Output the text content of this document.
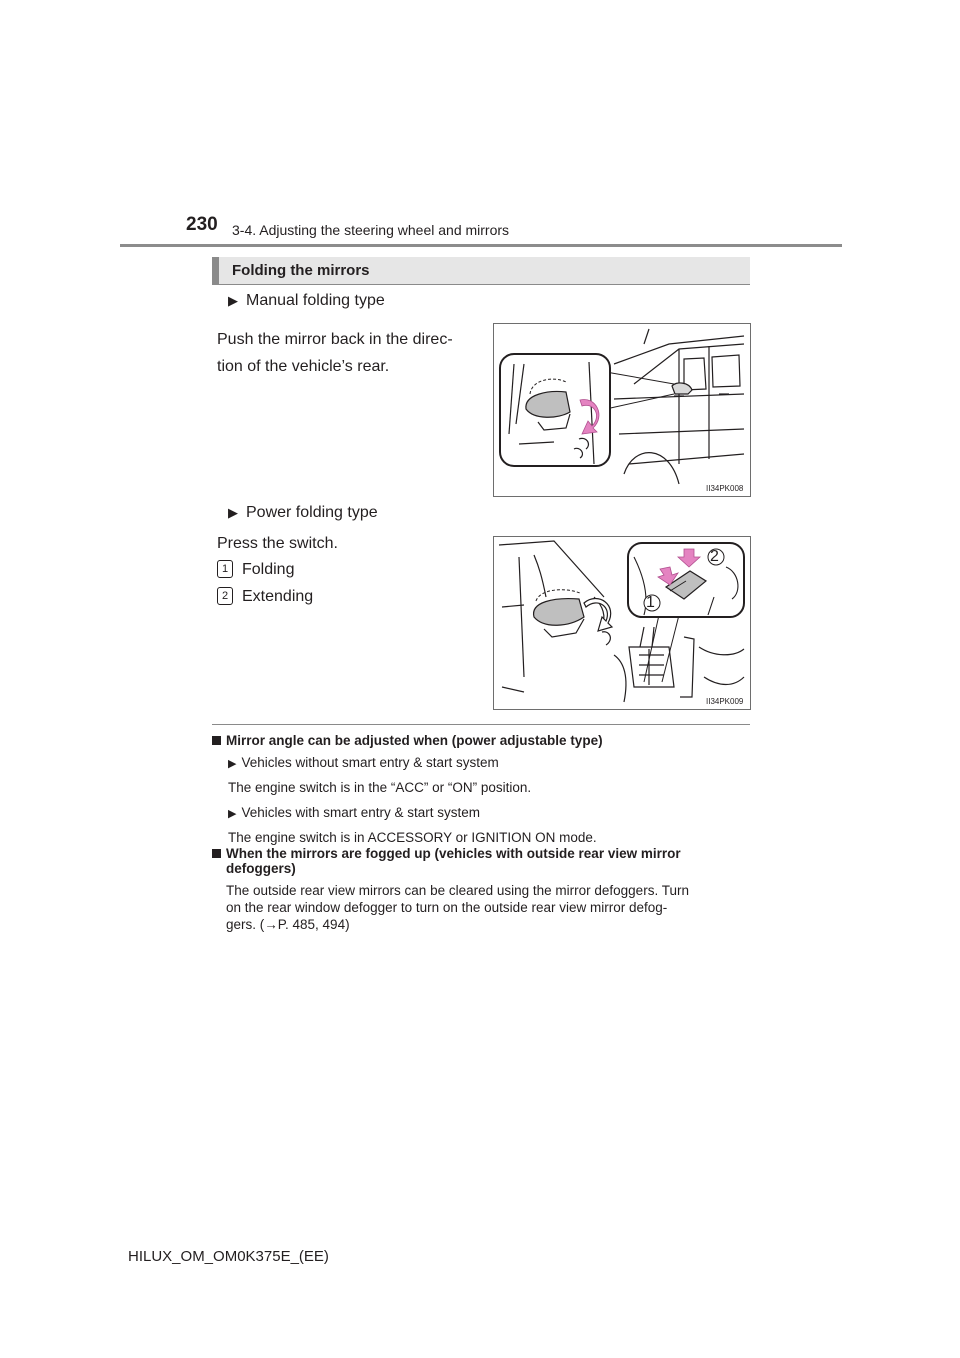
230 3-4. Adjusting the steering wheel and mirrors
Folding the mirrors
▶ Manual folding type
Push the mirror back in the direc-
tion of the vehicle’s rear.
II34PK008
▶ Power folding type
Press the switch.
1 Folding
2 Extending
2
1
II34PK009
Mirror angle can be adjusted when (power adjustable type)
▶ Vehicles without smart entry & start system
The engine switch is in the “ACC” or “ON” position.
▶ Vehicles with smart entry & start system
The engine switch is in ACCESSORY or IGNITION ON mode.
When the mirrors are fogged up (vehicles with outside rear view mirror
defoggers)
The outside rear view mirrors can be cleared using the mirror defoggers. Turn
on the rear window defogger to turn on the outside rear view mirror defog-
gers. (→P. 485, 494)
HILUX_OM_OM0K375E_(EE)
